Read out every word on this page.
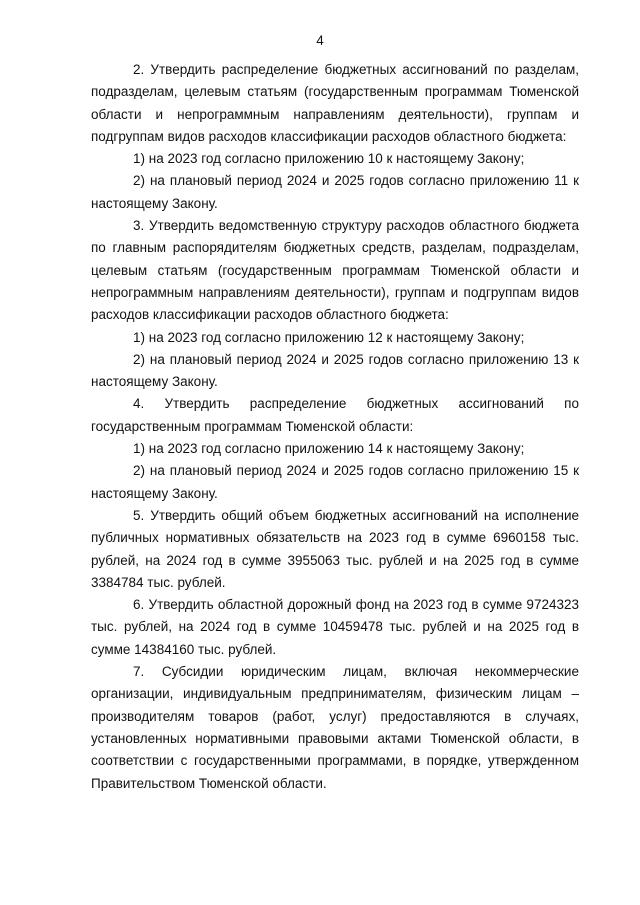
4

2. Утвердить распределение бюджетных ассигнований по разделам, подразделам, целевым статьям (государственным программам Тюменской области и непрограммным направлениям деятельности), группам и подгруппам видов расходов классификации расходов областного бюджета:

1) на 2023 год согласно приложению 10 к настоящему Закону;

2) на плановый период 2024 и 2025 годов согласно приложению 11 к настоящему Закону.

3. Утвердить ведомственную структуру расходов областного бюджета по главным распорядителям бюджетных средств, разделам, подразделам, целевым статьям (государственным программам Тюменской области и непрограммным направлениям деятельности), группам и подгруппам видов расходов классификации расходов областного бюджета:

1) на 2023 год согласно приложению 12 к настоящему Закону;

2) на плановый период 2024 и 2025 годов согласно приложению 13 к настоящему Закону.

4. Утвердить распределение бюджетных ассигнований по государственным программам Тюменской области:

1) на 2023 год согласно приложению 14 к настоящему Закону;

2) на плановый период 2024 и 2025 годов согласно приложению 15 к настоящему Закону.

5. Утвердить общий объем бюджетных ассигнований на исполнение публичных нормативных обязательств на 2023 год в сумме 6960158 тыс. рублей, на 2024 год в сумме 3955063 тыс. рублей и на 2025 год в сумме 3384784 тыс. рублей.

6. Утвердить областной дорожный фонд на 2023 год в сумме 9724323 тыс. рублей, на 2024 год в сумме 10459478 тыс. рублей и на 2025 год в сумме 14384160 тыс. рублей.

7. Субсидии юридическим лицам, включая некоммерческие организации, индивидуальным предпринимателям, физическим лицам – производителям товаров (работ, услуг) предоставляются в случаях, установленных нормативными правовыми актами Тюменской области, в соответствии с государственными программами, в порядке, утвержденном Правительством Тюменской области.
